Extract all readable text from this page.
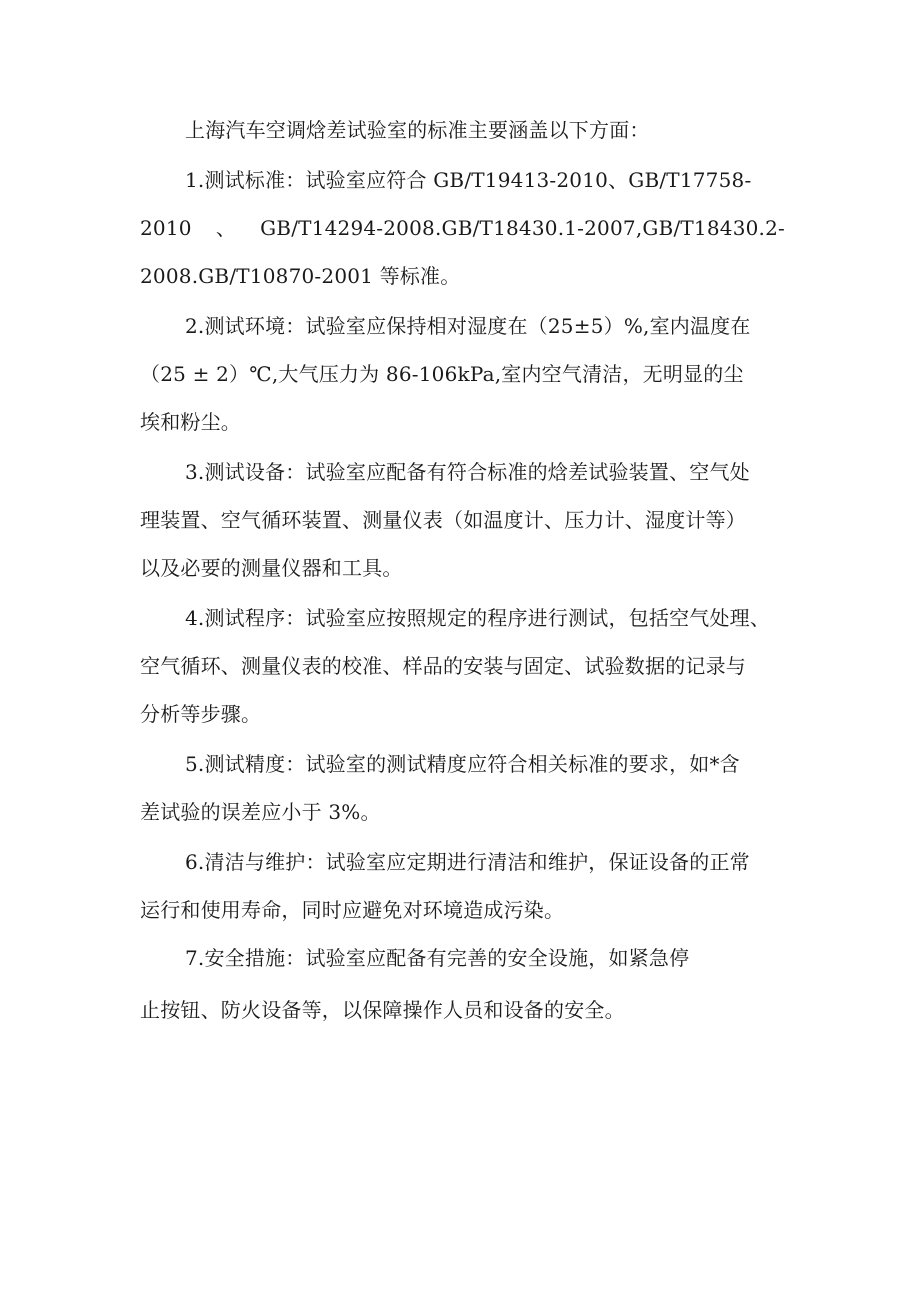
上海汽车空调焓差试验室的标准主要涵盖以下方面：
1.测试标准：试验室应符合 GB/T19413-2010、GB/T17758-
2010 、 GB/T14294-2008.GB/T18430.1-2007,GB/T18430.2-
2008.GB/T10870-2001 等标准。
2.测试环境：试验室应保持相对湿度在（25±5）%,室内温度在
（25 ± 2）℃,大气压力为 86-106kPa,室内空气清洁，无明显的尘
埃和粉尘。
3.测试设备：试验室应配备有符合标准的焓差试验装置、空气处
理装置、空气循环装置、测量仪表（如温度计、压力计、湿度计等）
以及必要的测量仪器和工具。
4.测试程序：试验室应按照规定的程序进行测试，包括空气处理、
空气循环、测量仪表的校准、样品的安装与固定、试验数据的记录与
分析等步骤。
5.测试精度：试验室的测试精度应符合相关标准的要求，如*含
差试验的误差应小于 3%。
6.清洁与维护：试验室应定期进行清洁和维护，保证设备的正常
运行和使用寿命，同时应避免对环境造成污染。
7.安全措施：试验室应配备有完善的安全设施，如紧急停
止按钮、防火设备等，以保障操作人员和设备的安全。
